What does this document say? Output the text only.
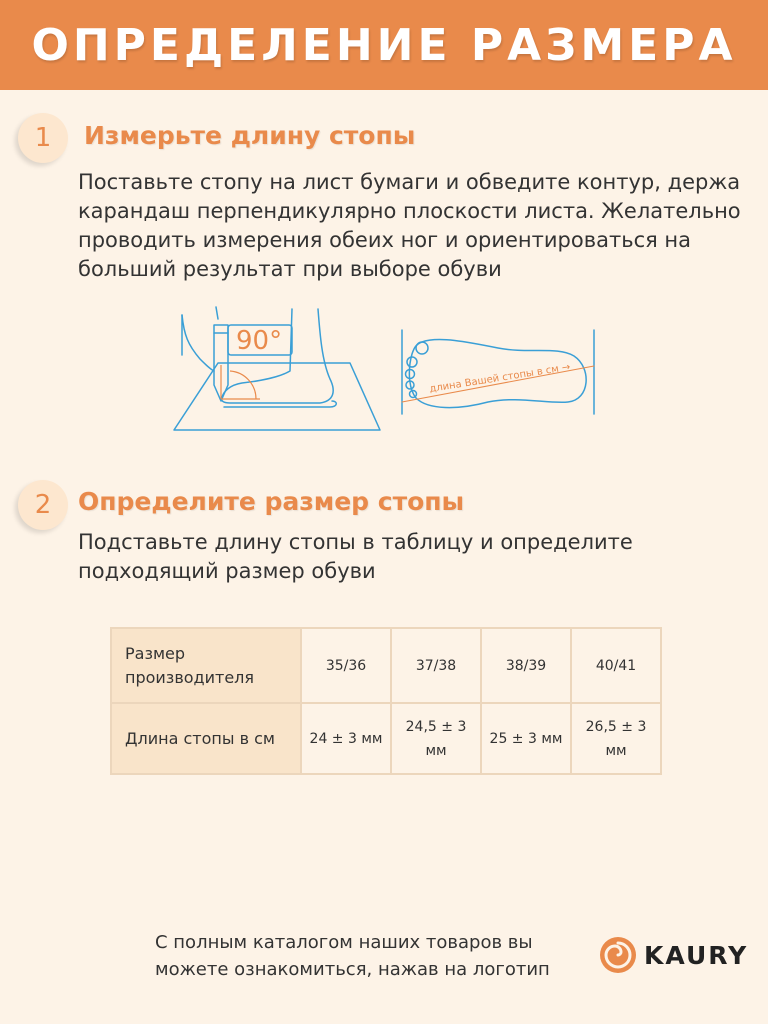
ОПРЕДЕЛЕНИЕ РАЗМЕРА
1 Измерьте длину стопы
Поставьте стопу на лист бумаги и обведите контур, держа
карандаш перпендикулярно плоскости листа. Желательно
проводить измерения обеих ног и ориентироваться на
больший результат при выборе обуви
90°
длина Вашей стопы в см →
2 Определите размер стопы
Подставьте длину стопы в таблицу и определите
подходящий размер обуви
Размер производителя	35/36	37/38	38/39	40/41
Длина стопы в см	24 ± 3 мм	24,5 ± 3 мм	25 ± 3 мм	26,5 ± 3 мм
С полным каталогом наших товаров вы
можете ознакомиться, нажав на логотип	KAURY
